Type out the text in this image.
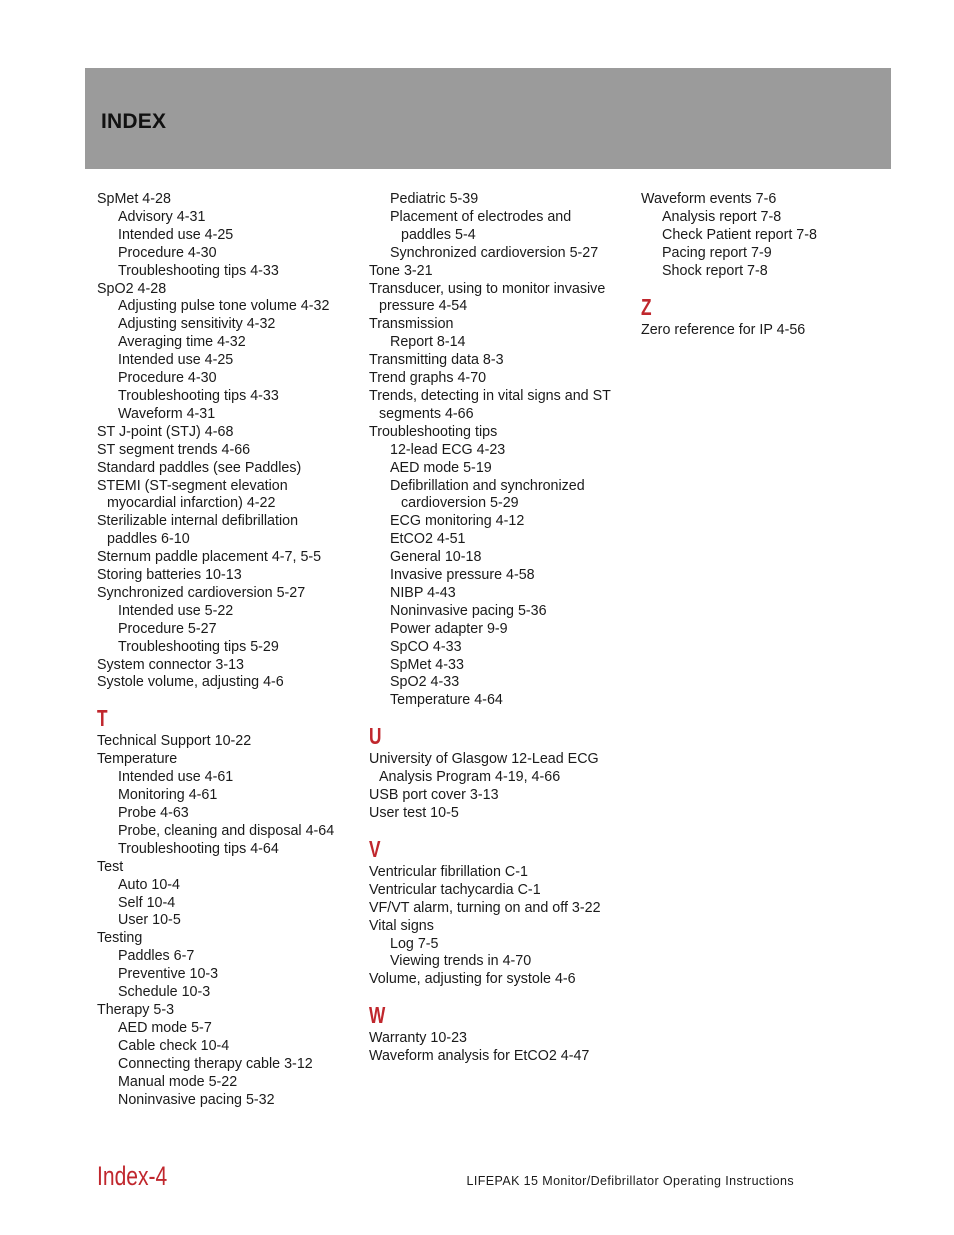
INDEX
SpMet 4-28
Advisory 4-31
Intended use 4-25
Procedure 4-30
Troubleshooting tips 4-33
SpO2 4-28
Adjusting pulse tone volume 4-32
Adjusting sensitivity 4-32
Averaging time 4-32
Intended use 4-25
Procedure 4-30
Troubleshooting tips 4-33
Waveform 4-31
ST J-point (STJ) 4-68
ST segment trends 4-66
Standard paddles (see Paddles)
STEMI (ST-segment elevation
myocardial infarction) 4-22
Sterilizable internal defibrillation
paddles 6-10
Sternum paddle placement 4-7, 5-5
Storing batteries 10-13
Synchronized cardioversion 5-27
Intended use 5-22
Procedure 5-27
Troubleshooting tips 5-29
System connector 3-13
Systole volume, adjusting 4-6
T
Technical Support 10-22
Temperature
Intended use 4-61
Monitoring 4-61
Probe 4-63
Probe, cleaning and disposal 4-64
Troubleshooting tips 4-64
Test
Auto 10-4
Self 10-4
User 10-5
Testing
Paddles 6-7
Preventive 10-3
Schedule 10-3
Therapy 5-3
AED mode 5-7
Cable check 10-4
Connecting therapy cable 3-12
Manual mode 5-22
Noninvasive pacing 5-32
Pediatric 5-39
Placement of electrodes and
paddles 5-4
Synchronized cardioversion 5-27
Tone 3-21
Transducer, using to monitor invasive
pressure 4-54
Transmission
Report 8-14
Transmitting data 8-3
Trend graphs 4-70
Trends, detecting in vital signs and ST
segments 4-66
Troubleshooting tips
12-lead ECG 4-23
AED mode 5-19
Defibrillation and synchronized
cardioversion 5-29
ECG monitoring 4-12
EtCO2 4-51
General 10-18
Invasive pressure 4-58
NIBP 4-43
Noninvasive pacing 5-36
Power adapter 9-9
SpCO 4-33
SpMet 4-33
SpO2 4-33
Temperature 4-64
U
University of Glasgow 12-Lead ECG
Analysis Program 4-19, 4-66
USB port cover 3-13
User test 10-5
V
Ventricular fibrillation C-1
Ventricular tachycardia C-1
VF/VT alarm, turning on and off 3-22
Vital signs
Log 7-5
Viewing trends in 4-70
Volume, adjusting for systole 4-6
W
Warranty 10-23
Waveform analysis for EtCO2 4-47
Waveform events 7-6
Analysis report 7-8
Check Patient report 7-8
Pacing report 7-9
Shock report 7-8
Z
Zero reference for IP 4-56
Index-4	LIFEPAK 15 Monitor/Defibrillator Operating Instructions
